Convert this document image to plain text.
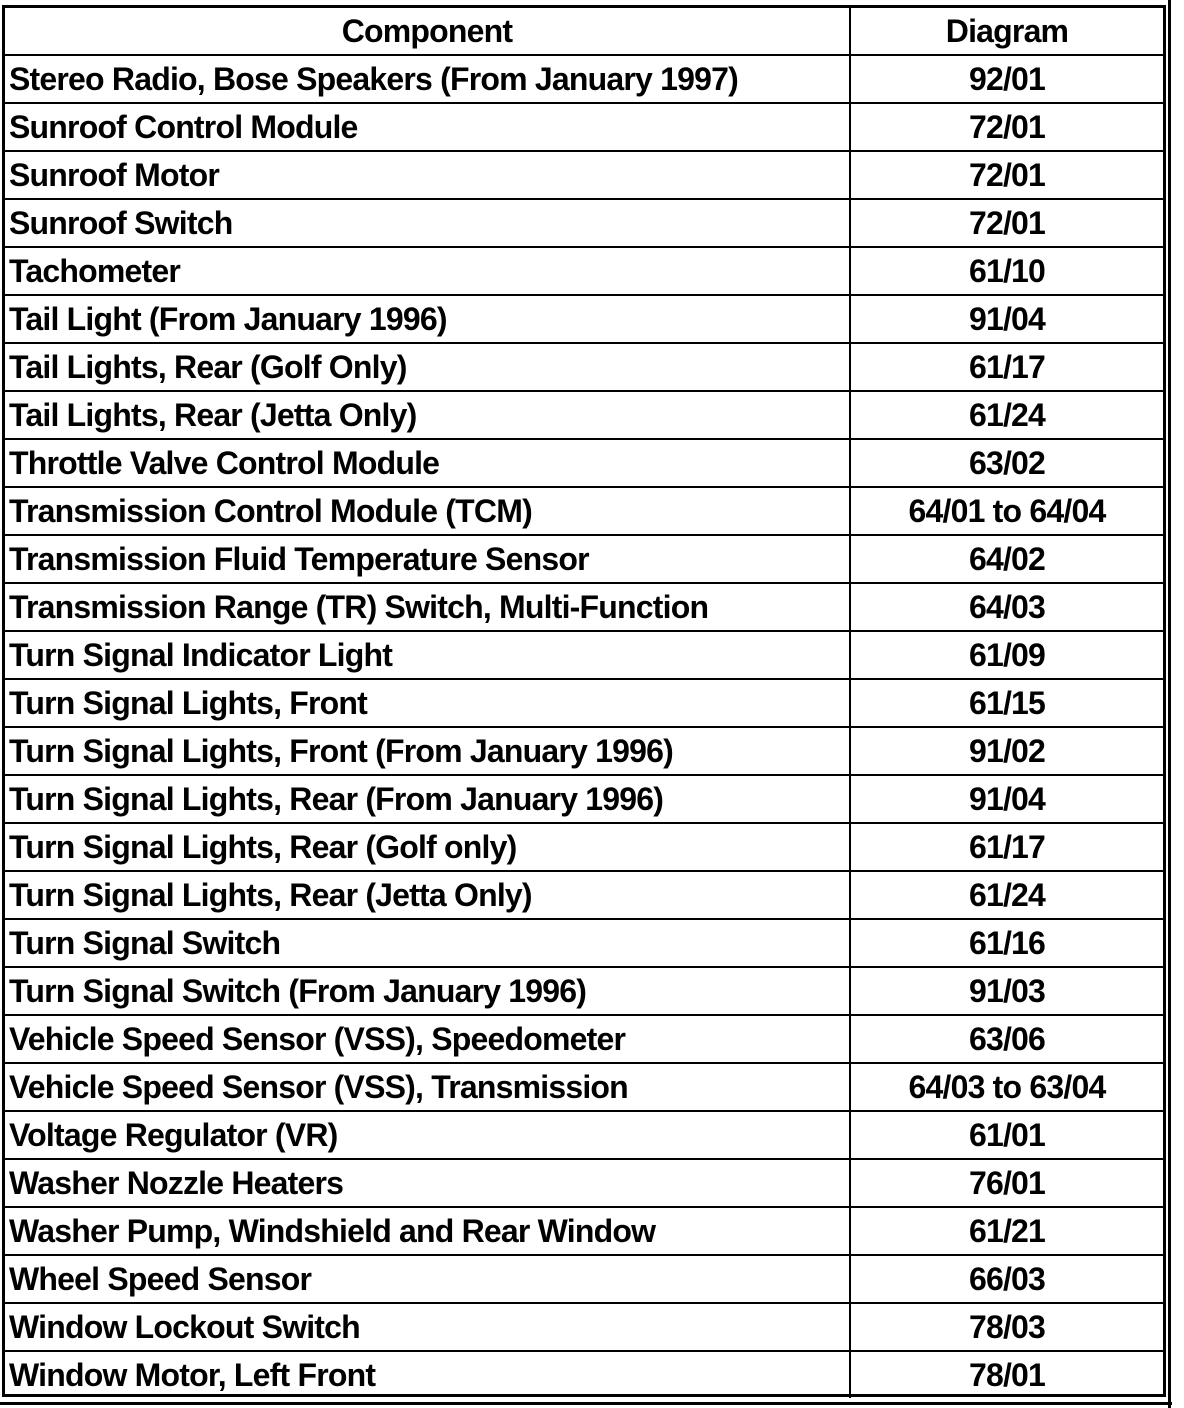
Component	Diagram
Stereo Radio, Bose Speakers (From January 1997)	92/01
Sunroof Control Module	72/01
Sunroof Motor	72/01
Sunroof Switch	72/01
Tachometer	61/10
Tail Light (From January 1996)	91/04
Tail Lights, Rear (Golf Only)	61/17
Tail Lights, Rear (Jetta Only)	61/24
Throttle Valve Control Module	63/02
Transmission Control Module (TCM)	64/01 to 64/04
Transmission Fluid Temperature Sensor	64/02
Transmission Range (TR) Switch, Multi-Function	64/03
Turn Signal Indicator Light	61/09
Turn Signal Lights, Front	61/15
Turn Signal Lights, Front (From January 1996)	91/02
Turn Signal Lights, Rear (From January 1996)	91/04
Turn Signal Lights, Rear (Golf only)	61/17
Turn Signal Lights, Rear (Jetta Only)	61/24
Turn Signal Switch	61/16
Turn Signal Switch (From January 1996)	91/03
Vehicle Speed Sensor (VSS), Speedometer	63/06
Vehicle Speed Sensor (VSS), Transmission	64/03 to 63/04
Voltage Regulator (VR)	61/01
Washer Nozzle Heaters	76/01
Washer Pump, Windshield and Rear Window	61/21
Wheel Speed Sensor	66/03
Window Lockout Switch	78/03
Window Motor, Left Front	78/01
